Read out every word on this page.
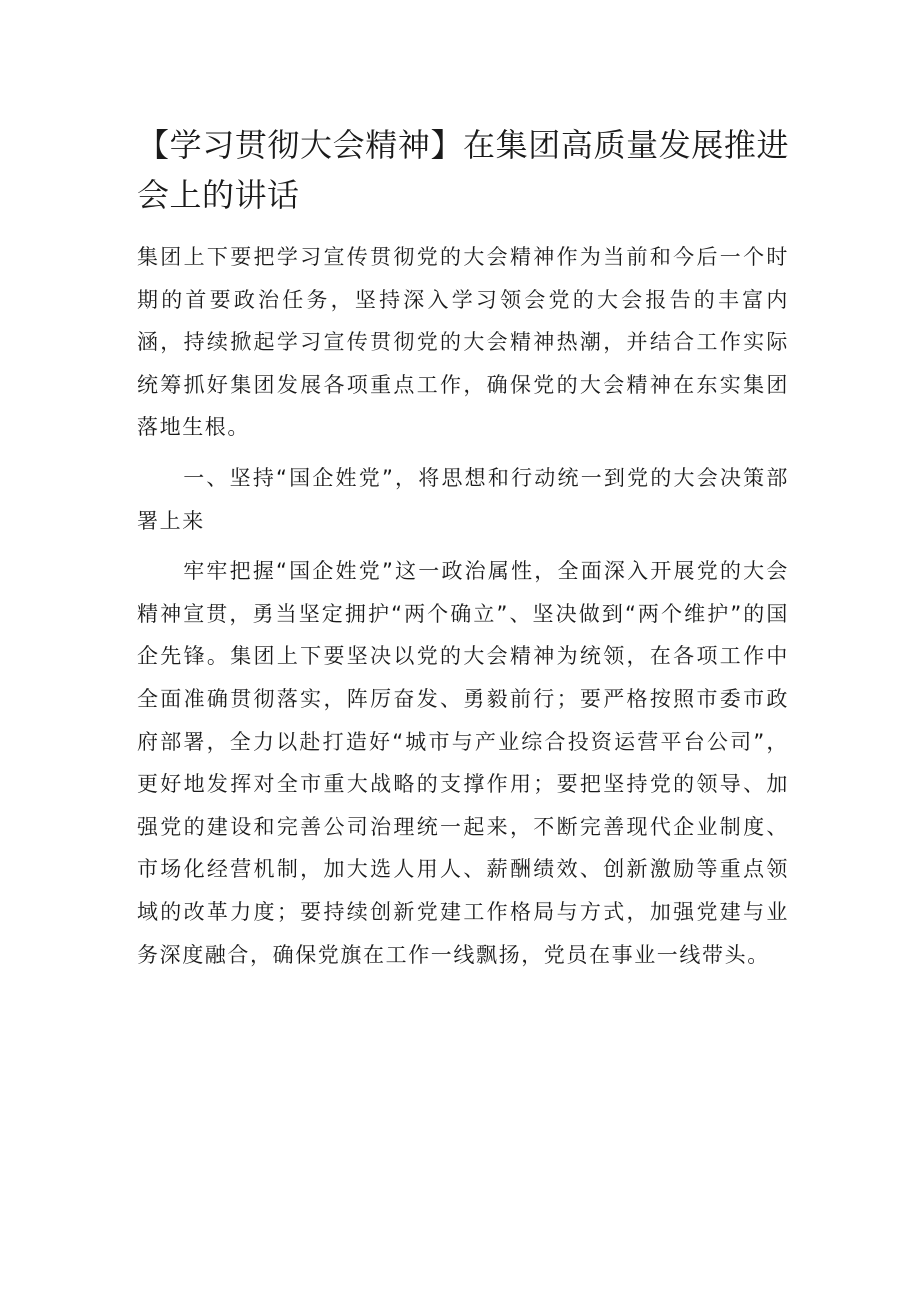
【学习贯彻大会精神】在集团高质量发展推进会上的讲话

集团上下要把学习宣传贯彻党的大会精神作为当前和今后一个时期的首要政治任务，坚持深入学习领会党的大会报告的丰富内涵，持续掀起学习宣传贯彻党的大会精神热潮，并结合工作实际统筹抓好集团发展各项重点工作，确保党的大会精神在东实集团落地生根。

一、坚持“国企姓党”，将思想和行动统一到党的大会决策部署上来

牢牢把握“国企姓党”这一政治属性，全面深入开展党的大会精神宣贯，勇当坚定拥护“两个确立”、坚决做到“两个维护”的国企先锋。集团上下要坚决以党的大会精神为统领，在各项工作中全面准确贯彻落实，阵厉奋发、勇毅前行；要严格按照市委市政府部署，全力以赴打造好“城市与产业综合投资运营平台公司”，更好地发挥对全市重大战略的支撑作用；要把坚持党的领导、加强党的建设和完善公司治理统一起来，不断完善现代企业制度、市场化经营机制，加大选人用人、薪酬绩效、创新激励等重点领域的改革力度；要持续创新党建工作格局与方式，加强党建与业务深度融合，确保党旗在工作一线飘扬，党员在事业一线带头。
